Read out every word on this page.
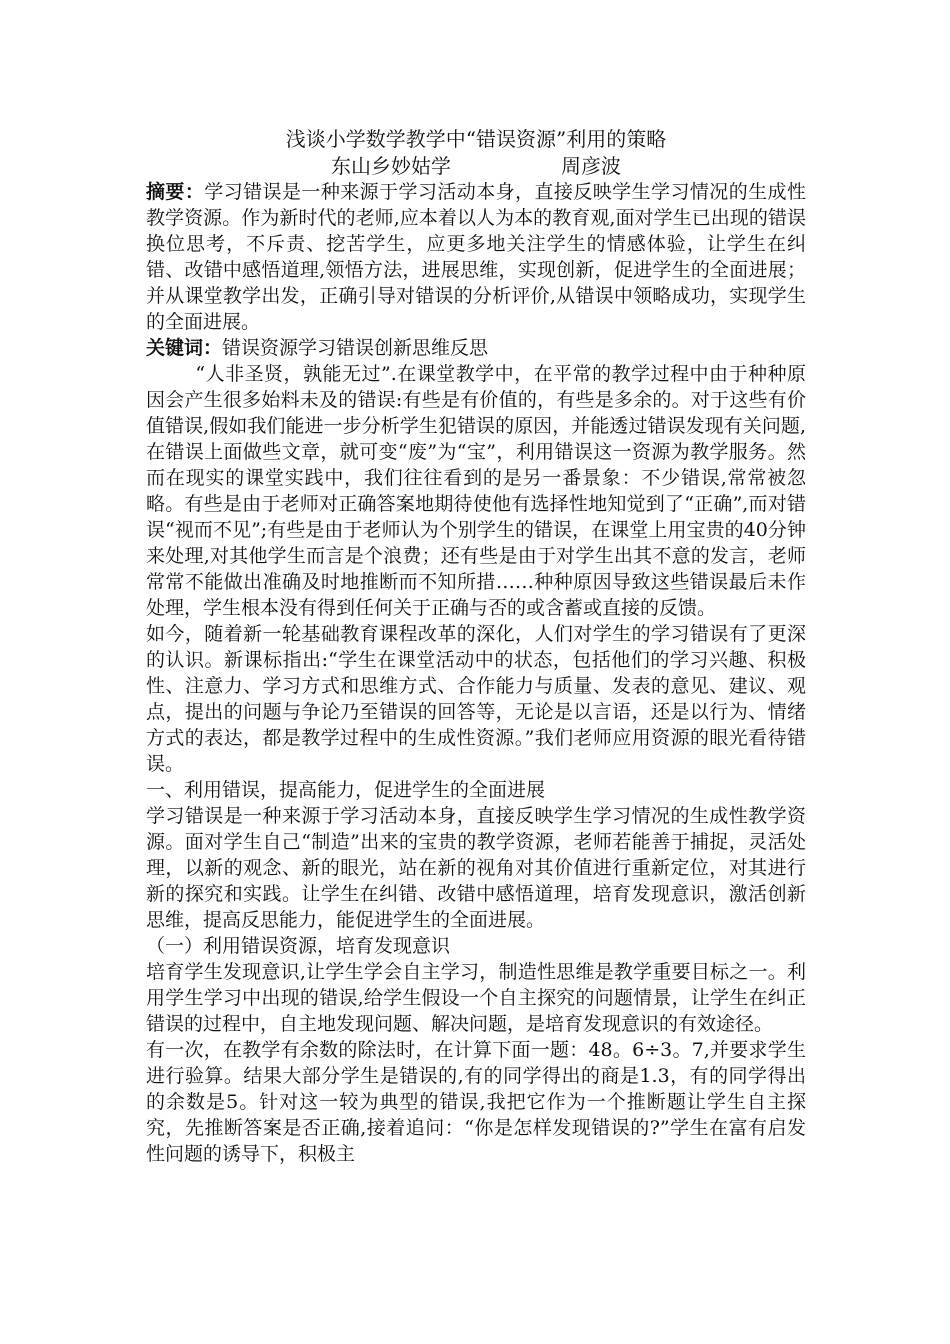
浅谈小学数学教学中“错误资源”利用的策略

东山乡妙姑学	周彦波

摘要：学习错误是一种来源于学习活动本身，直接反映学生学习情况的生成性教学资源。作为新时代的老师,应本着以人为本的教育观,面对学生已出现的错误换位思考，不斥责、挖苦学生，应更多地关注学生的情感体验，让学生在纠错、改错中感悟道理,领悟方法，进展思维，实现创新，促进学生的全面进展；并从课堂教学出发，正确引导对错误的分析评价,从错误中领略成功，实现学生的全面进展。

关键词：错误资源学习错误创新思维反思

“人非圣贤，孰能无过”.在课堂教学中，在平常的教学过程中由于种种原因会产生很多始料未及的错误:有些是有价值的，有些是多余的。对于这些有价值错误,假如我们能进一步分析学生犯错误的原因，并能透过错误发现有关问题,在错误上面做些文章，就可变“废”为“宝”，利用错误这一资源为教学服务。然而在现实的课堂实践中，我们往往看到的是另一番景象：不少错误,常常被忽略。有些是由于老师对正确答案地期待使他有选择性地知觉到了“正确”,而对错误“视而不见”;有些是由于老师认为个别学生的错误，在课堂上用宝贵的40分钟来处理,对其他学生而言是个浪费；还有些是由于对学生出其不意的发言，老师常常不能做出准确及时地推断而不知所措……种种原因导致这些错误最后未作处理，学生根本没有得到任何关于正确与否的或含蓄或直接的反馈。

如今，随着新一轮基础教育课程改革的深化，人们对学生的学习错误有了更深的认识。新课标指出:“学生在课堂活动中的状态，包括他们的学习兴趣、积极性、注意力、学习方式和思维方式、合作能力与质量、发表的意见、建议、观点，提出的问题与争论乃至错误的回答等，无论是以言语，还是以行为、情绪方式的表达，都是教学过程中的生成性资源。”我们老师应用资源的眼光看待错误。

一、利用错误，提高能力，促进学生的全面进展

学习错误是一种来源于学习活动本身，直接反映学生学习情况的生成性教学资源。面对学生自己“制造”出来的宝贵的教学资源，老师若能善于捕捉，灵活处理，以新的观念、新的眼光，站在新的视角对其价值进行重新定位，对其进行新的探究和实践。让学生在纠错、改错中感悟道理，培育发现意识，激活创新思维，提高反思能力，能促进学生的全面进展。

（一）利用错误资源，培育发现意识

培育学生发现意识,让学生学会自主学习，制造性思维是教学重要目标之一。利用学生学习中出现的错误,给学生假设一个自主探究的问题情景，让学生在纠正错误的过程中，自主地发现问题、解决问题，是培育发现意识的有效途径。

有一次，在教学有余数的除法时，在计算下面一题：48。6÷3。7,并要求学生进行验算。结果大部分学生是错误的,有的同学得出的商是1.3，有的同学得出的余数是5。针对这一较为典型的错误,我把它作为一个推断题让学生自主探究，先推断答案是否正确,接着追问：“你是怎样发现错误的?”学生在富有启发性问题的诱导下，积极主
